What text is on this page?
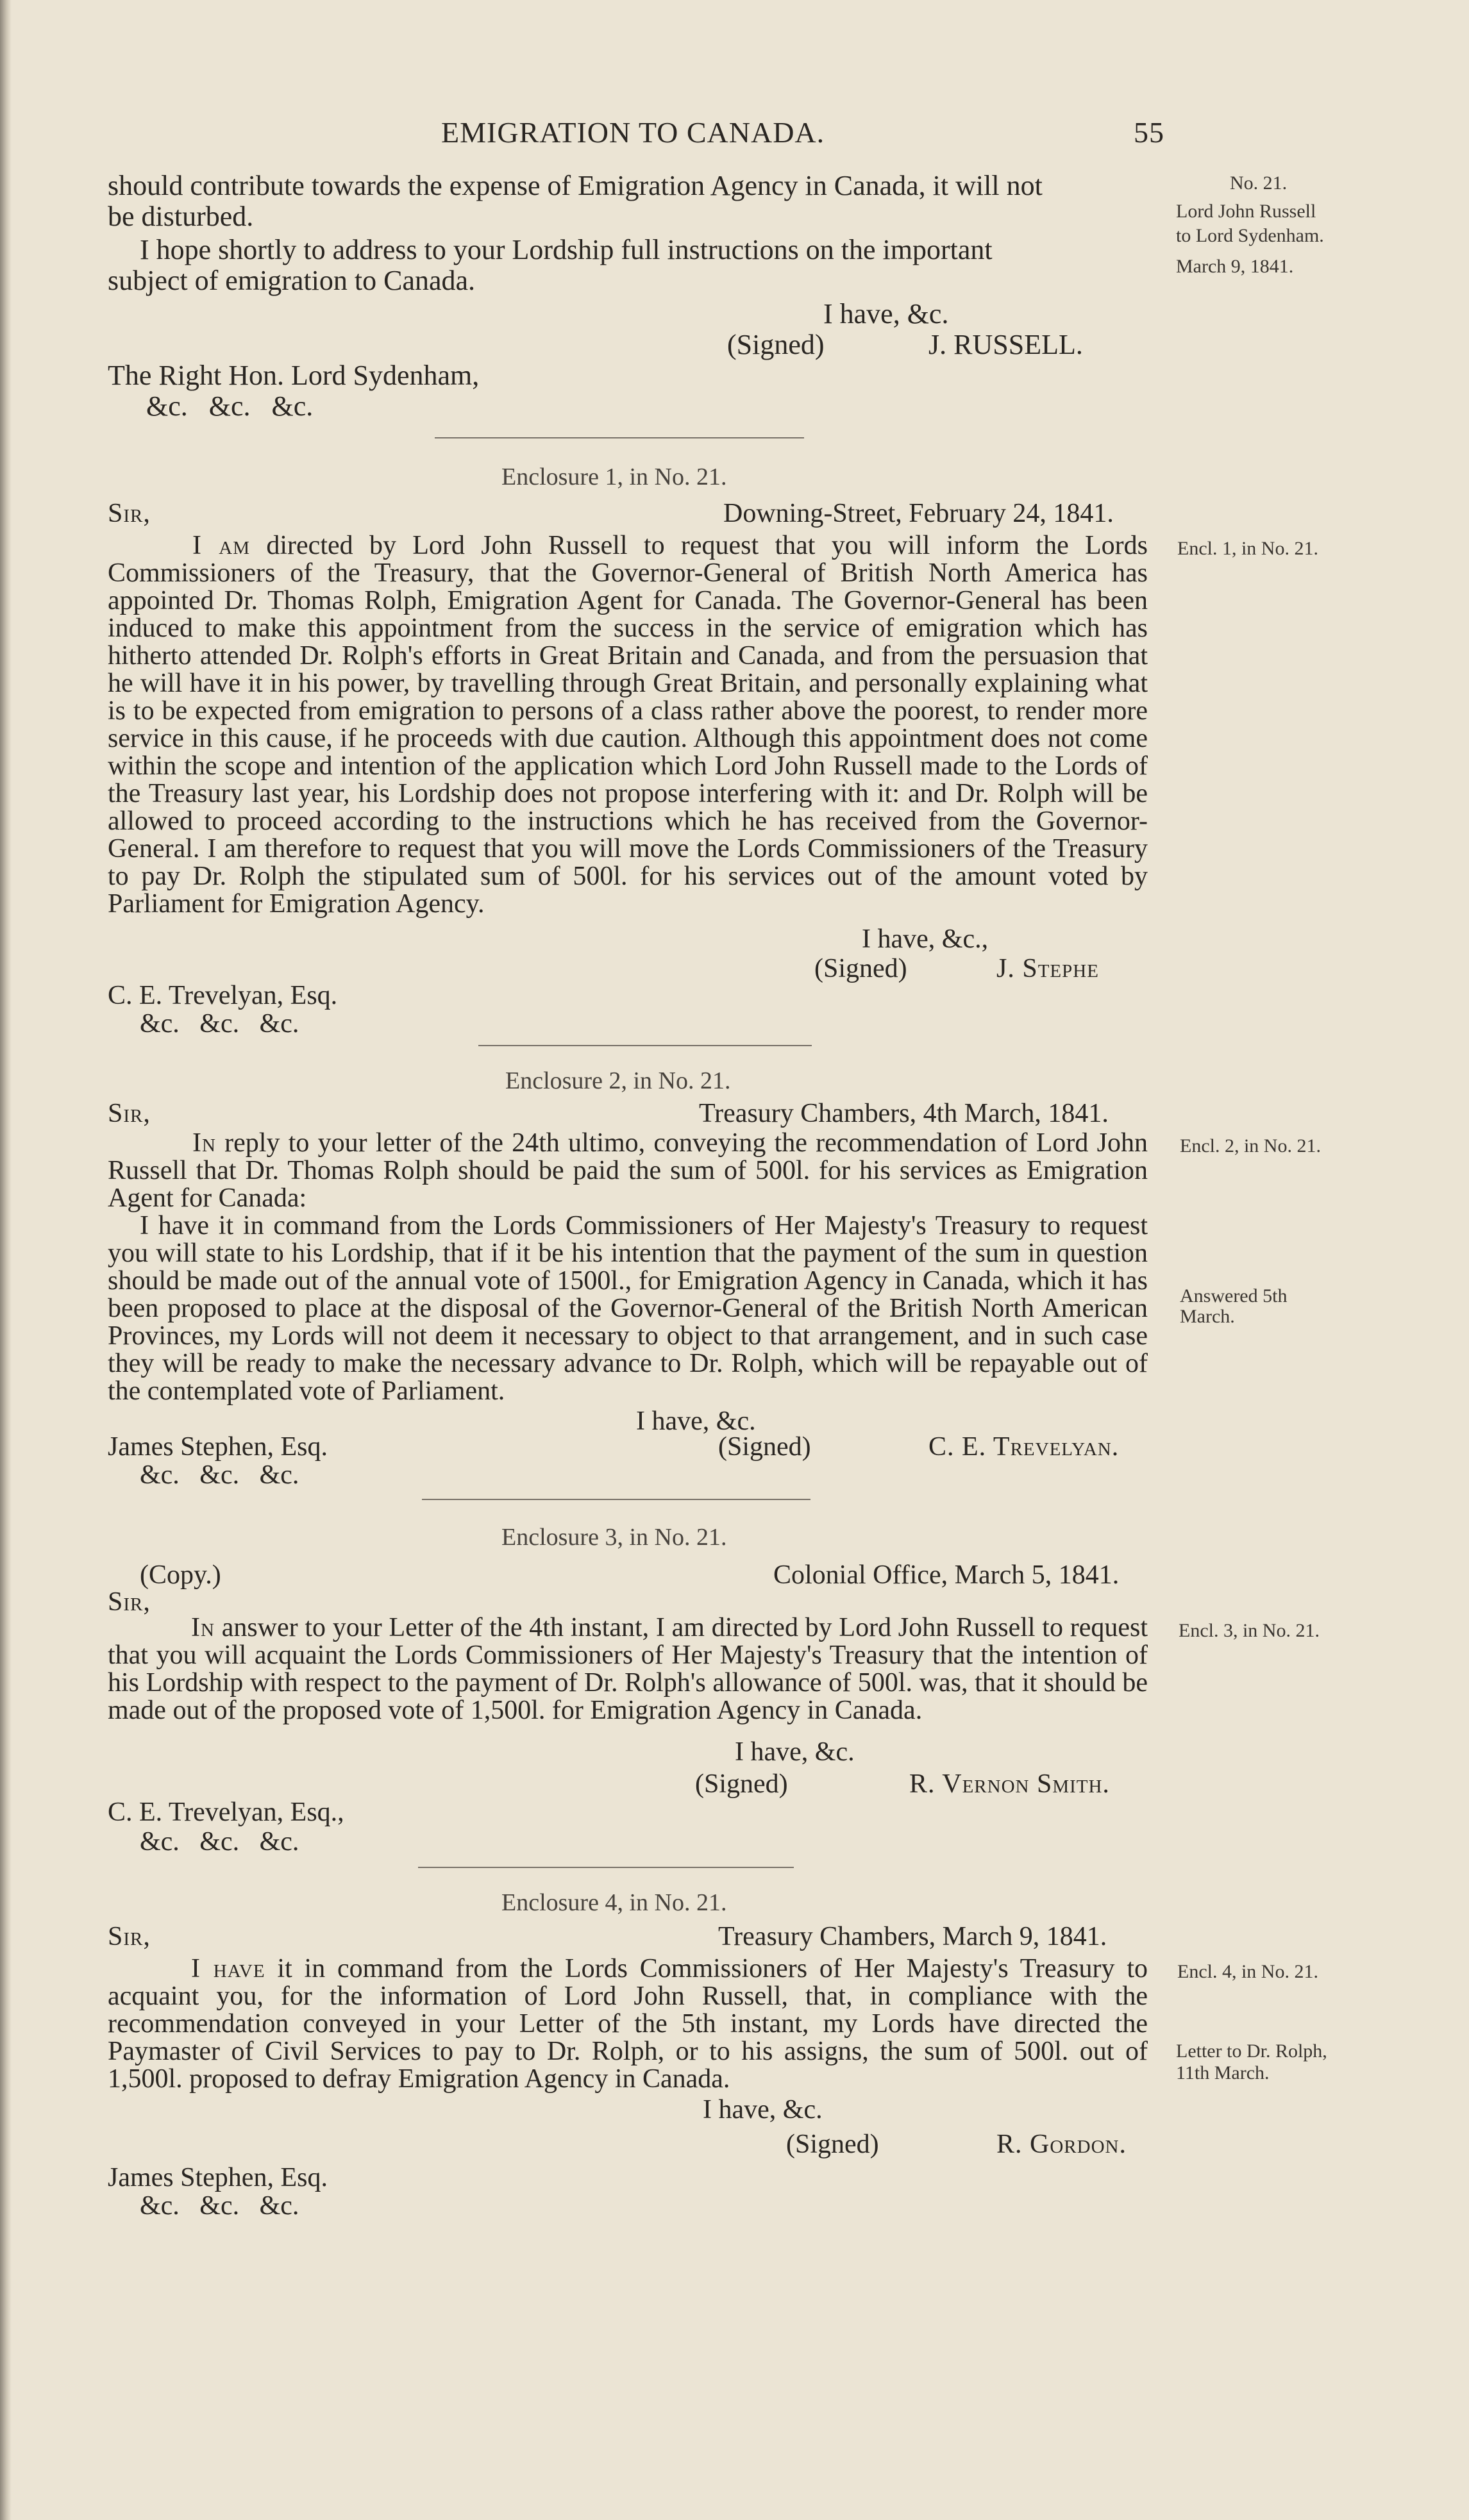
EMIGRATION TO CANADA.	55
No. 21.
Lord John Russell
to Lord Sydenham.
March 9, 1841.
should contribute towards the expense of Emigration Agency in Canada, it will not
be disturbed.
I hope shortly to address to your Lordship full instructions on the important
subject of emigration to Canada.
I have, &c.
(Signed)	J. RUSSELL.
The Right Hon. Lord Sydenham,
&c.   &c.   &c.
Enclosure 1, in No. 21.
Sir,	Downing-Street, February 24, 1841.
Encl. 1, in No. 21.
I am directed by Lord John Russell to request that you will inform the Lords Commissioners of the Treasury, that the Governor-General of British North America has appointed Dr. Thomas Rolph, Emigration Agent for Canada. The Governor-General has been induced to make this appointment from the success in the service of emigration which has hitherto attended Dr. Rolph's efforts in Great Britain and Canada, and from the persuasion that he will have it in his power, by travelling through Great Britain, and personally explaining what is to be expected from emigration to persons of a class rather above the poorest, to render more service in this cause, if he proceeds with due caution. Although this appointment does not come within the scope and intention of the application which Lord John Russell made to the Lords of the Treasury last year, his Lordship does not propose interfering with it: and Dr. Rolph will be allowed to proceed according to the instructions which he has received from the Governor-General. I am therefore to request that you will move the Lords Commissioners of the Treasury to pay Dr. Rolph the stipulated sum of 500l. for his services out of the amount voted by Parliament for Emigration Agency.
I have, &c.,
(Signed)	J. Stephe
C. E. Trevelyan, Esq.
&c.   &c.   &c.
Enclosure 2, in No. 21.
Sir,	Treasury Chambers, 4th March, 1841.
Encl. 2, in No. 21.
In reply to your letter of the 24th ultimo, conveying the recommendation of Lord John Russell that Dr. Thomas Rolph should be paid the sum of 500l. for his services as Emigration Agent for Canada:
I have it in command from the Lords Commissioners of Her Majesty's Treasury to request you will state to his Lordship, that if it be his intention that the payment of the sum in question should be made out of the annual vote of 1500l., for Emigration Agency in Canada, which it has been proposed to place at the disposal of the Governor-General of the British North American Provinces, my Lords will not deem it necessary to object to that arrangement, and in such case they will be ready to make the necessary advance to Dr. Rolph, which will be repayable out of the contemplated vote of Parliament.
Answered 5th
March.
I have, &c.
(Signed)	C. E. Trevelyan.
James Stephen, Esq.
&c.   &c.   &c.
Enclosure 3, in No. 21.
(Copy.)	Colonial Office, March 5, 1841.
Sir,
Encl. 3, in No. 21.
In answer to your Letter of the 4th instant, I am directed by Lord John Russell to request that you will acquaint the Lords Commissioners of Her Majesty's Treasury that the intention of his Lordship with respect to the payment of Dr. Rolph's allowance of 500l. was, that it should be made out of the proposed vote of 1,500l. for Emigration Agency in Canada.
I have, &c.
(Signed)	R. Vernon Smith.
C. E. Trevelyan, Esq.,
&c.   &c.   &c.
Enclosure 4, in No. 21.
Sir,	Treasury Chambers, March 9, 1841.
Encl. 4, in No. 21.
I have it in command from the Lords Commissioners of Her Majesty's Treasury to acquaint you, for the information of Lord John Russell, that, in compliance with the recommendation conveyed in your Letter of the 5th instant, my Lords have directed the Paymaster of Civil Services to pay to Dr. Rolph, or to his assigns, the sum of 500l. out of 1,500l. proposed to defray Emigration Agency in Canada.
Letter to Dr. Rolph,
11th March.
I have, &c.
(Signed)	R. Gordon.
James Stephen, Esq.
&c.   &c.   &c.
